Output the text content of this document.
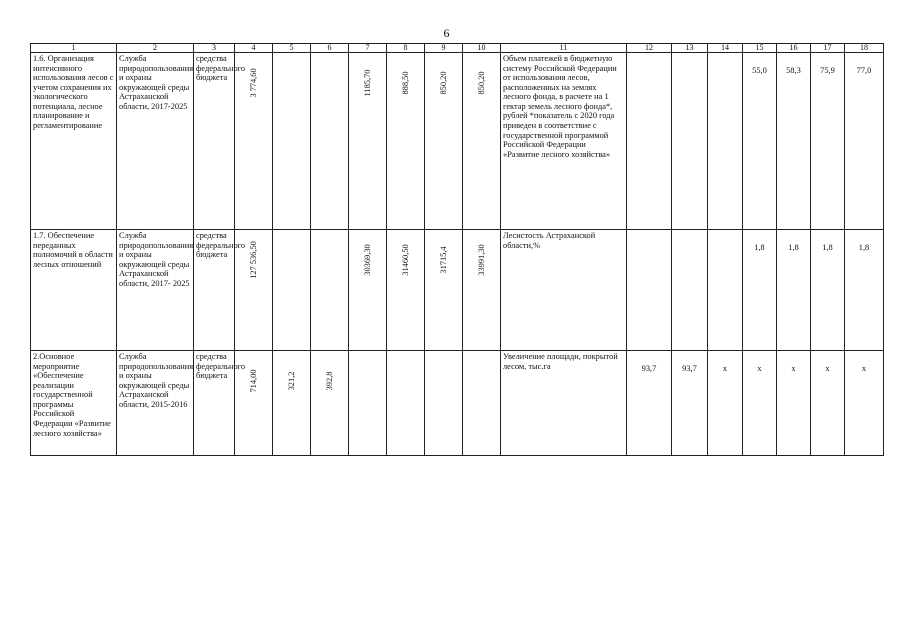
6
1	2	3	4	5	6	7	8	9	10	11	12	13	14	15	16	17	18
1.6. Организация интенсивного использования лесов с учетом сохранения их экологического потенциала, лесное планирование и регламентирование	Служба природопользования и охраны окружающей среды Астраханской области, 2017-2025	средства федерального бюджета	3 774,60			1185,70	888,50	850,20	850,20	Объем платежей в бюджетную систему Российской Федерации от использования лесов, расположенных на землях лесного фонда, в расчете на 1 гектар земель лесного фонда*, рублей *показатель с 2020 года приведен в соответствие с государственной программой Российской Федерации «Развитие лесного хозяйства»				55,0	58,3	75,9	77,0
1.7. Обеспечение переданных полномочий в области лесных отношений	Служба природопользования и охраны окружающей среды Астраханской области, 2017- 2025	средства федерального бюджета	127 536,50			30369,30	31460,50	31715,4	33991,30	Лесистость Астраханской области,%				1,8	1,8	1,8	1,8
2.Основное мероприятие «Обеспечение реализации государственной программы Российской Федерации «Развитие лесного хозяйства»	Служба природопользования и охраны окружающей среды Астраханской области, 2015-2016	средства федерального бюджета	714,00	321,2	392,8					Увеличение площади, покрытой лесом, тыс.га	93,7	93,7	x	x	x	x	x
